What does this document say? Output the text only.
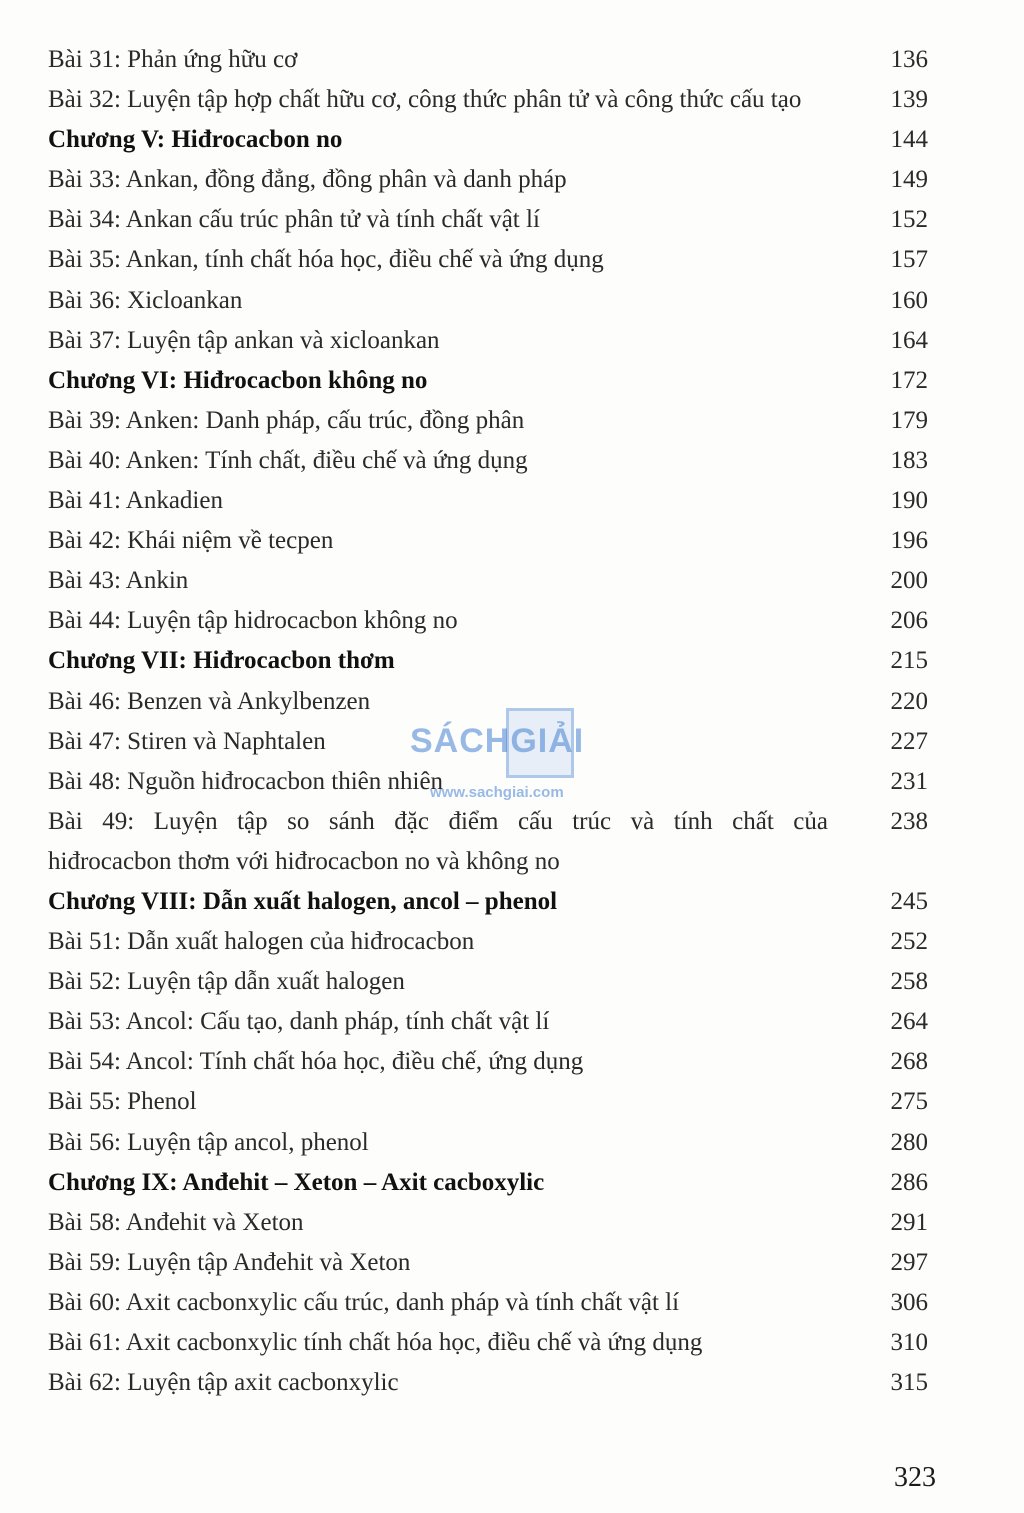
Bài 31: Phản ứng hữu cơ	136
Bài 32: Luyện tập hợp chất hữu cơ, công thức phân tử và công thức cấu tạo	139
Chương V: Hiđrocacbon no	144
Bài 33: Ankan, đồng đẳng, đồng phân và danh pháp	149
Bài 34: Ankan cấu trúc phân tử và tính chất vật lí	152
Bài 35: Ankan, tính chất hóa học, điều chế và ứng dụng	157
Bài 36: Xicloankan	160
Bài 37: Luyện tập ankan và xicloankan	164
Chương VI: Hiđrocacbon không no	172
Bài 39: Anken: Danh pháp, cấu trúc, đồng phân	179
Bài 40: Anken: Tính chất, điều chế và ứng dụng	183
Bài 41: Ankadien	190
Bài 42: Khái niệm về tecpen	196
Bài 43: Ankin	200
Bài 44: Luyện tập hidrocacbon không no	206
Chương VII: Hiđrocacbon thơm	215
Bài 46: Benzen và Ankylbenzen	220
Bài 47: Stiren và Naphtalen	227
Bài 48: Nguồn hiđrocacbon thiên nhiên	231
Bài 49: Luyện tập so sánh đặc điểm cấu trúc và tính chất của	238
hiđrocacbon thơm với hiđrocacbon no và không no
Chương VIII: Dẫn xuất halogen, ancol – phenol	245
Bài 51: Dẫn xuất halogen của hiđrocacbon	252
Bài 52: Luyện tập dẫn xuất halogen	258
Bài 53: Ancol: Cấu tạo, danh pháp, tính chất vật lí	264
Bài 54: Ancol: Tính chất hóa học, điều chế, ứng dụng	268
Bài 55: Phenol	275
Bài 56: Luyện tập ancol, phenol	280
Chương IX: Anđehit – Xeton – Axit cacboxylic	286
Bài 58: Anđehit và Xeton	291
Bài 59: Luyện tập Anđehit và Xeton	297
Bài 60: Axit cacbonxylic cấu trúc, danh pháp và tính chất vật lí	306
Bài 61: Axit cacbonxylic tính chất hóa học, điều chế và ứng dụng	310
Bài 62: Luyện tập axit cacbonxylic	315
SÁCHGIẢI
www.sachgiai.com
323
